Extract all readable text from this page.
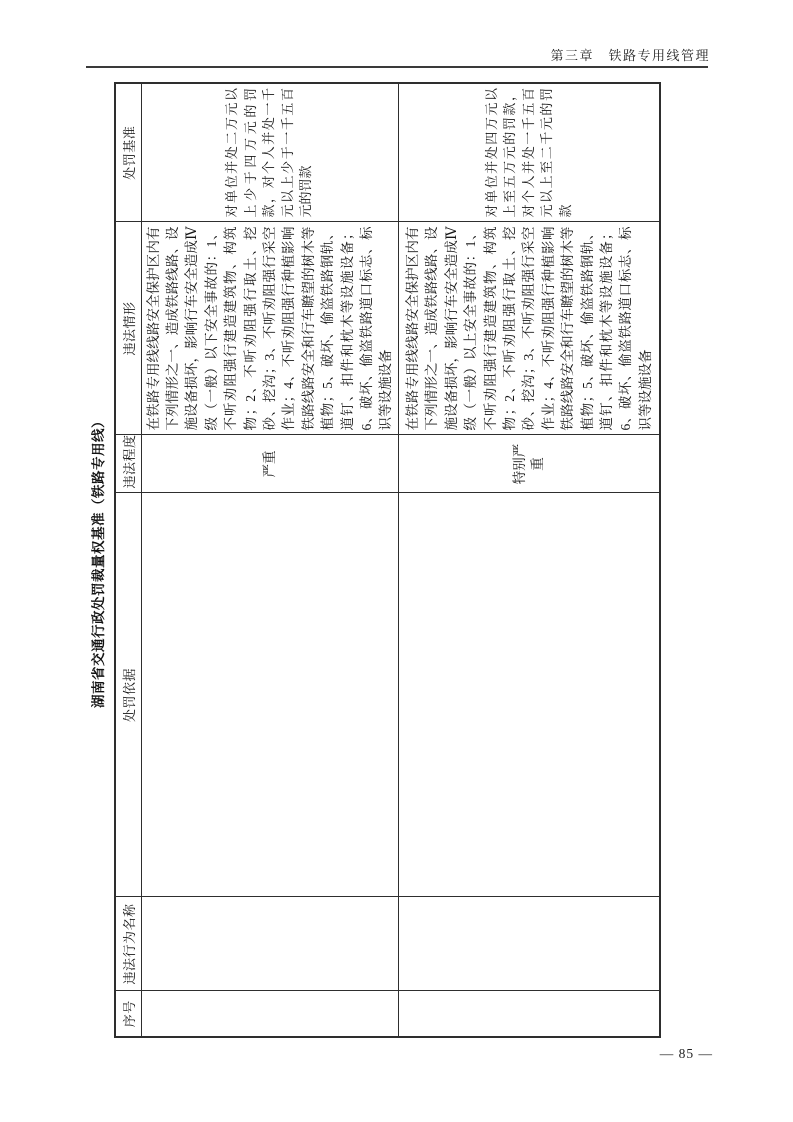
第三章　铁路专用线管理
湖南省交通行政处罚裁量权基准（铁路专用线）
序号	违法行为名称	处罚依据	违法程度	违法情形	处罚基准
			严重	在铁路专用线线路安全保护区内有下列情形之一、造成铁路线路、设施设备损坏，影响行车安全造成Ⅳ级（一般）以下安全事故的：1、不听劝阻强行建造建筑物、构筑物；2、不听劝阻强行取土、挖砂、挖沟；3、不听劝阻强行采空作业；4、不听劝阻强行种植影响铁路线路安全和行车瞭望的树木等植物；5、破坏、偷盗铁路钢轨、道钉、扣件和枕木等设施设备；6、破坏、偷盗铁路道口标志、标识等设施设备	对单位并处二万元以上少于四万元的罚款，对个人并处一千元以上少于一千五百元的罚款
			特别严重	在铁路专用线线路安全保护区内有下列情形之一、造成铁路线路、设施设备损坏，影响行车安全造成Ⅳ级（一般）以上安全事故的：1、不听劝阻强行建造建筑物、构筑物；2、不听劝阻强行取土、挖砂、挖沟；3、不听劝阻强行采空作业；4、不听劝阻强行种植影响铁路线路安全和行车瞭望的树木等植物；5、破坏、偷盗铁路钢轨、道钉、扣件和枕木等设施设备；6、破坏、偷盗铁路道口标志、标识等设施设备	对单位并处四万元以上至五万元的罚款，对个人并处一千五百元以上至二千元的罚款
— 85 —
